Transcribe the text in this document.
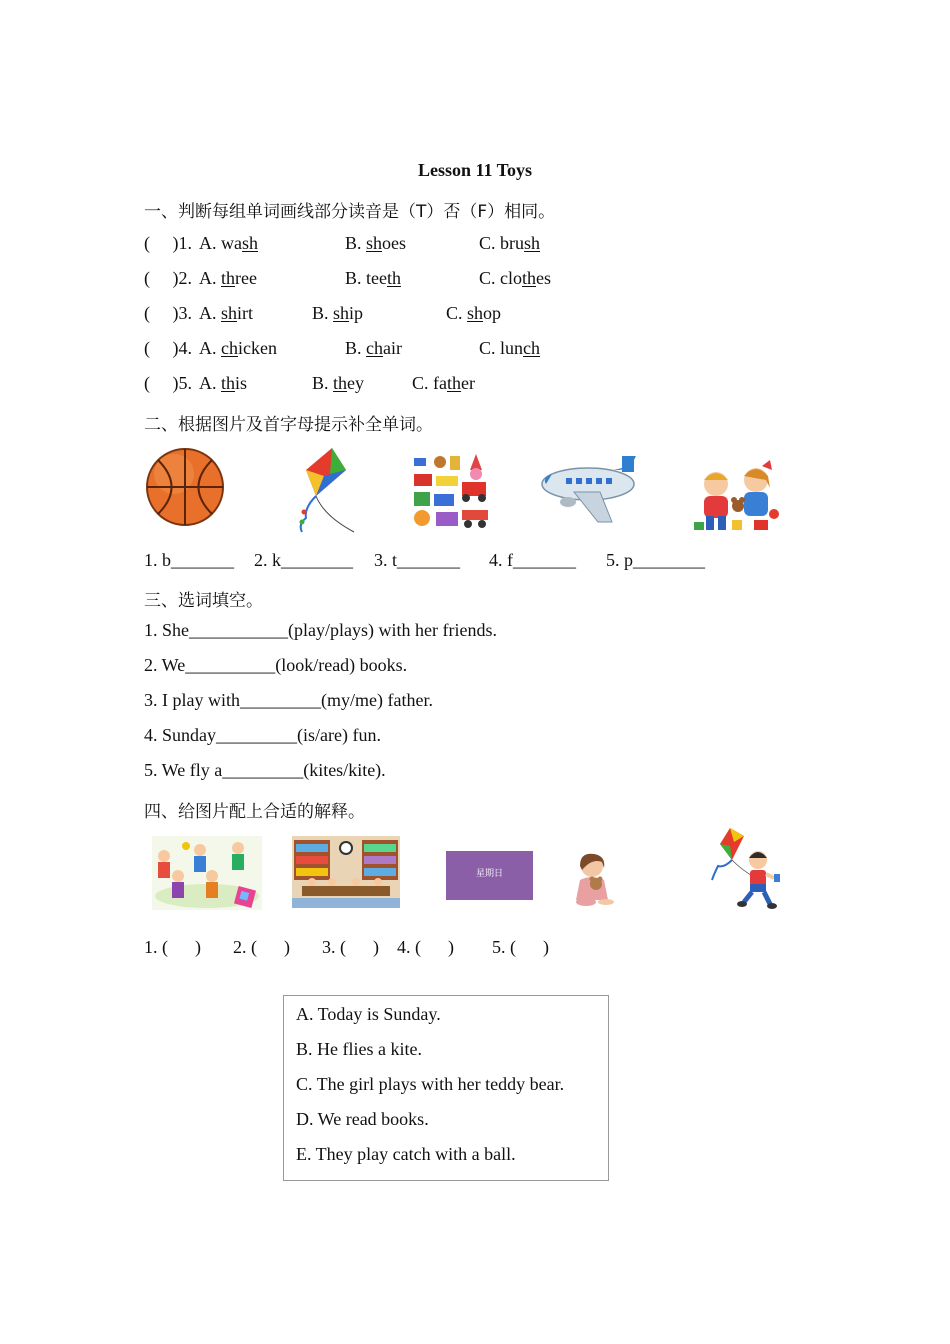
Lesson 11 Toys
一、判断每组单词画线部分读音是（T）否（F）相同。
(     )1. A. wash	B. shoes	C. brush
(     )2. A. three	B. teeth	C. clothes
(     )3. A. shirt	B. ship	C. shop
(     )4. A. chicken	B. chair	C. lunch
(     )5. A. this	B. they	C. father
二、根据图片及首字母提示补全单词。
1. b_______ 2. k________ 3. t_______ 4. f_______ 5. p________
三、选词填空。
1. She___________(play/plays) with her friends.
2. We__________(look/read) books.
3. I play with_________(my/me) father.
4. Sunday_________(is/are) fun.
5. We fly a_________(kites/kite).
四、给图片配上合适的解释。
星期日
1. (      ) 2. (      ) 3. (      ) 4. (      ) 5. (      )
A. Today is Sunday.
B. He flies a kite.
C. The girl plays with her teddy bear.
D. We read books.
E. They play catch with a ball.
